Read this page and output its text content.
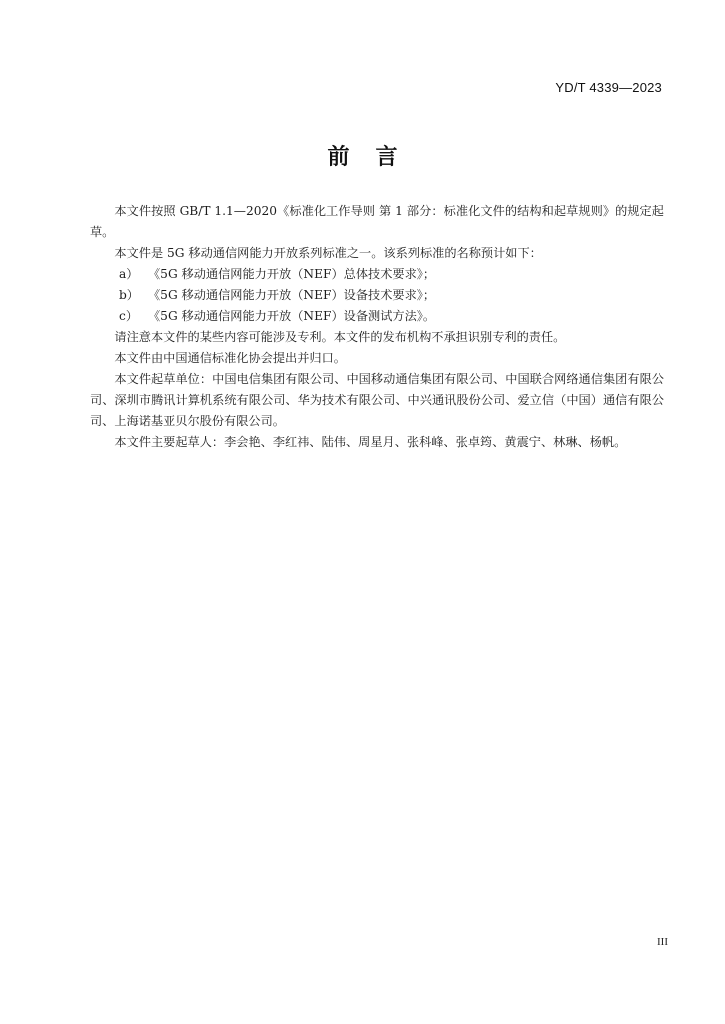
YD/T 4339—2023
前言

本文件按照 GB/T 1.1—2020《标准化工作导则 第 1 部分：标准化文件的结构和起草规则》的规定起草。

本文件是 5G 移动通信网能力开放系列标准之一。该系列标准的名称预计如下：

a） 《5G 移动通信网能力开放（NEF）总体技术要求》；

b） 《5G 移动通信网能力开放（NEF）设备技术要求》；

c） 《5G 移动通信网能力开放（NEF）设备测试方法》。

请注意本文件的某些内容可能涉及专利。本文件的发布机构不承担识别专利的责任。

本文件由中国通信标准化协会提出并归口。

本文件起草单位：中国电信集团有限公司、中国移动通信集团有限公司、中国联合网络通信集团有限公司、深圳市腾讯计算机系统有限公司、华为技术有限公司、中兴通讯股份公司、爱立信（中国）通信有限公司、上海诺基亚贝尔股份有限公司。

本文件主要起草人：李会艳、李红祎、陆伟、周星月、张科峰、张卓筠、黄震宁、林琳、杨帆。

III
